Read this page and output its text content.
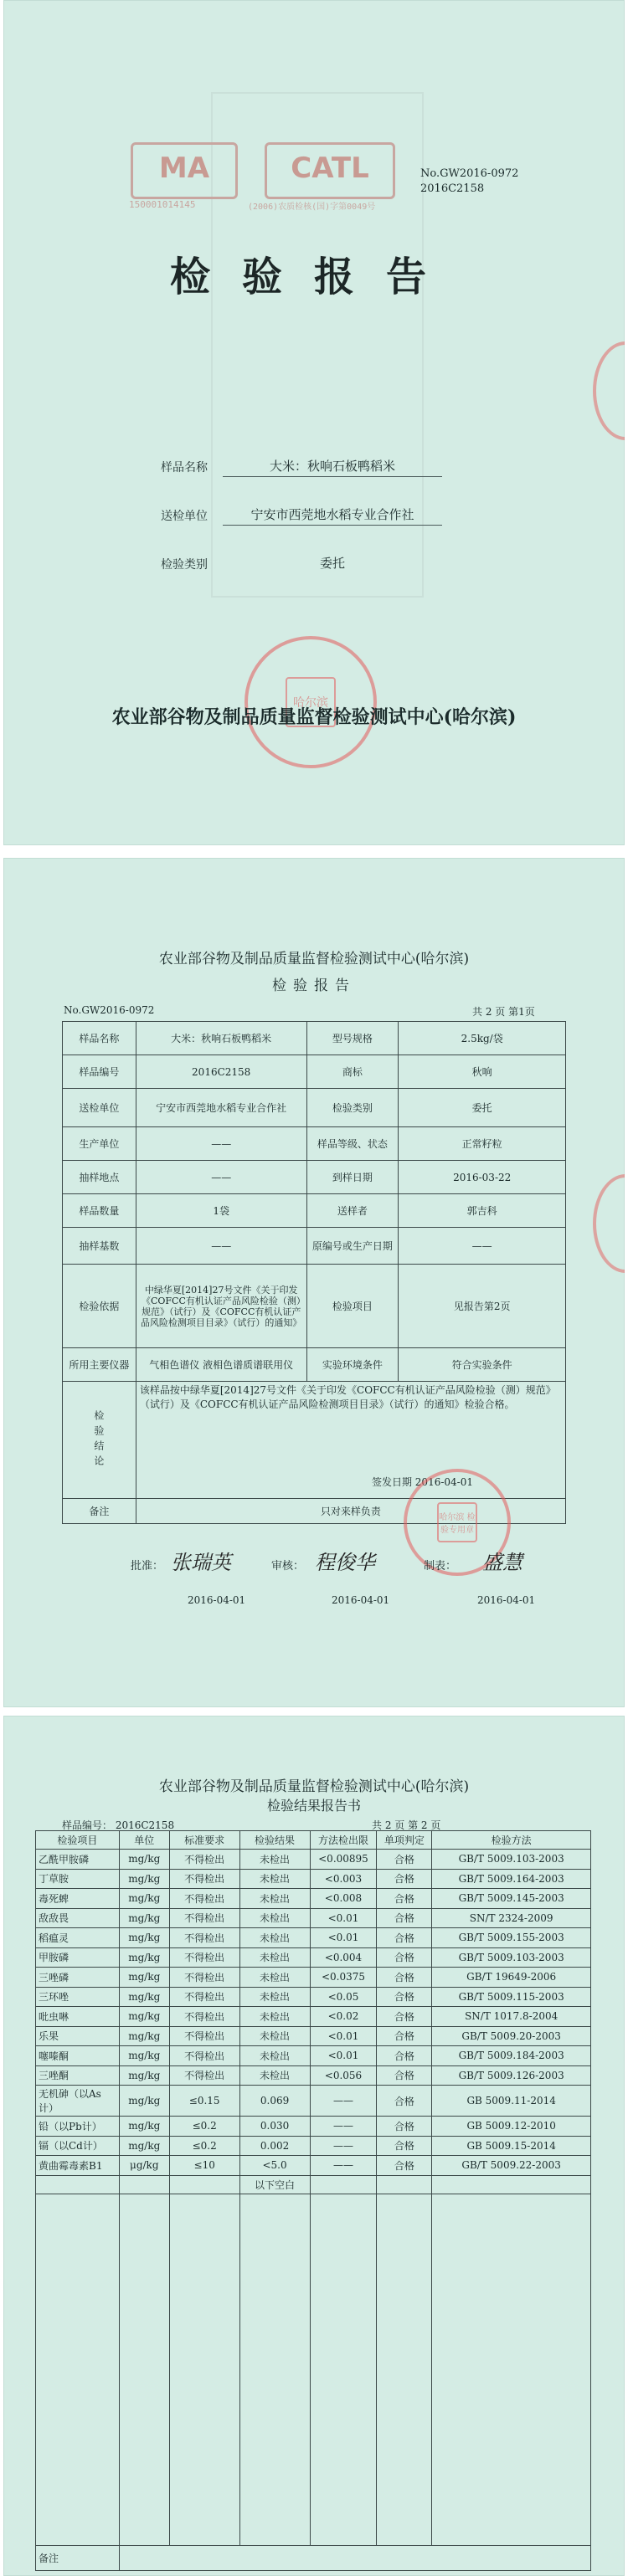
MA
150001014145
CATL
(2006)农质检核(国)字第0049号
No.GW2016-0972
2016C2158
检验报告
样品名称	大米：秋响石板鸭稻米
送检单位	宁安市西莞地水稻专业合作社
检验类别	委托
哈尔滨
农业部谷物及制品质量监督检验测试中心(哈尔滨)
农业部谷物及制品质量监督检验测试中心(哈尔滨)
检验报告
No.GW2016-0972	共 2 页 第1页
样品名称	大米：秋响石板鸭稻米	型号规格	2.5kg/袋
样品编号	2016C2158	商标	秋响
送检单位	宁安市西莞地水稻专业合作社	检验类别	委托
生产单位	——	样品等级、状态	正常籽粒
抽样地点	——	到样日期	2016-03-22
样品数量	1袋	送样者	郭吉科
抽样基数	——	原编号或生产日期	——
检验依据	中绿华夏[2014]27号文件《关于印发《COFCC有机认证产品风险检验（测）规范》（试行）及《COFCC有机认证产品风险检测项目目录》（试行）的通知》	检验项目	见报告第2页
所用主要仪器	气相色谱仪 液相色谱质谱联用仪	实验环境条件	符合实验条件
检验结论	该样品按中绿华夏[2014]27号文件《关于印发《COFCC有机认证产品风险检验（测）规范》（试行）及《COFCC有机认证产品风险检测项目目录》（试行）的通知》检验合格。
签发日期 2016-04-01		

备注	只对来样负责		
哈尔滨 检验专用章
批准： 张瑞英	审核： 程俊华	制表： 盛慧
2016-04-01	2016-04-01	2016-04-01
农业部谷物及制品质量监督检验测试中心(哈尔滨)
检验结果报告书
样品编号： 2016C2158	共 2 页 第 2 页
检验项目	单位	标准要求	检验结果	方法检出限	单项判定	检验方法
乙酰甲胺磷	mg/kg	不得检出	未检出	<0.00895	合格	GB/T 5009.103-2003
丁草胺	mg/kg	不得检出	未检出	<0.003	合格	GB/T 5009.164-2003
毒死蜱	mg/kg	不得检出	未检出	<0.008	合格	GB/T 5009.145-2003
敌敌畏	mg/kg	不得检出	未检出	<0.01	合格	SN/T 2324-2009
稻瘟灵	mg/kg	不得检出	未检出	<0.01	合格	GB/T 5009.155-2003
甲胺磷	mg/kg	不得检出	未检出	<0.004	合格	GB/T 5009.103-2003
三唑磷	mg/kg	不得检出	未检出	<0.0375	合格	GB/T 19649-2006
三环唑	mg/kg	不得检出	未检出	<0.05	合格	GB/T 5009.115-2003
吡虫啉	mg/kg	不得检出	未检出	<0.02	合格	SN/T 1017.8-2004
乐果	mg/kg	不得检出	未检出	<0.01	合格	GB/T 5009.20-2003
噻嗪酮	mg/kg	不得检出	未检出	<0.01	合格	GB/T 5009.184-2003
三唑酮	mg/kg	不得检出	未检出	<0.056	合格	GB/T 5009.126-2003
无机砷（以As计）	mg/kg	≤0.15	0.069	——	合格	GB 5009.11-2014
铅（以Pb计）	mg/kg	≤0.2	0.030	——	合格	GB 5009.12-2010
镉（以Cd计）	mg/kg	≤0.2	0.002	——	合格	GB 5009.15-2014
黄曲霉毒素B1	μg/kg	≤10	<5.0	——	合格	GB/T 5009.22-2003
			以下空白			

备注						
